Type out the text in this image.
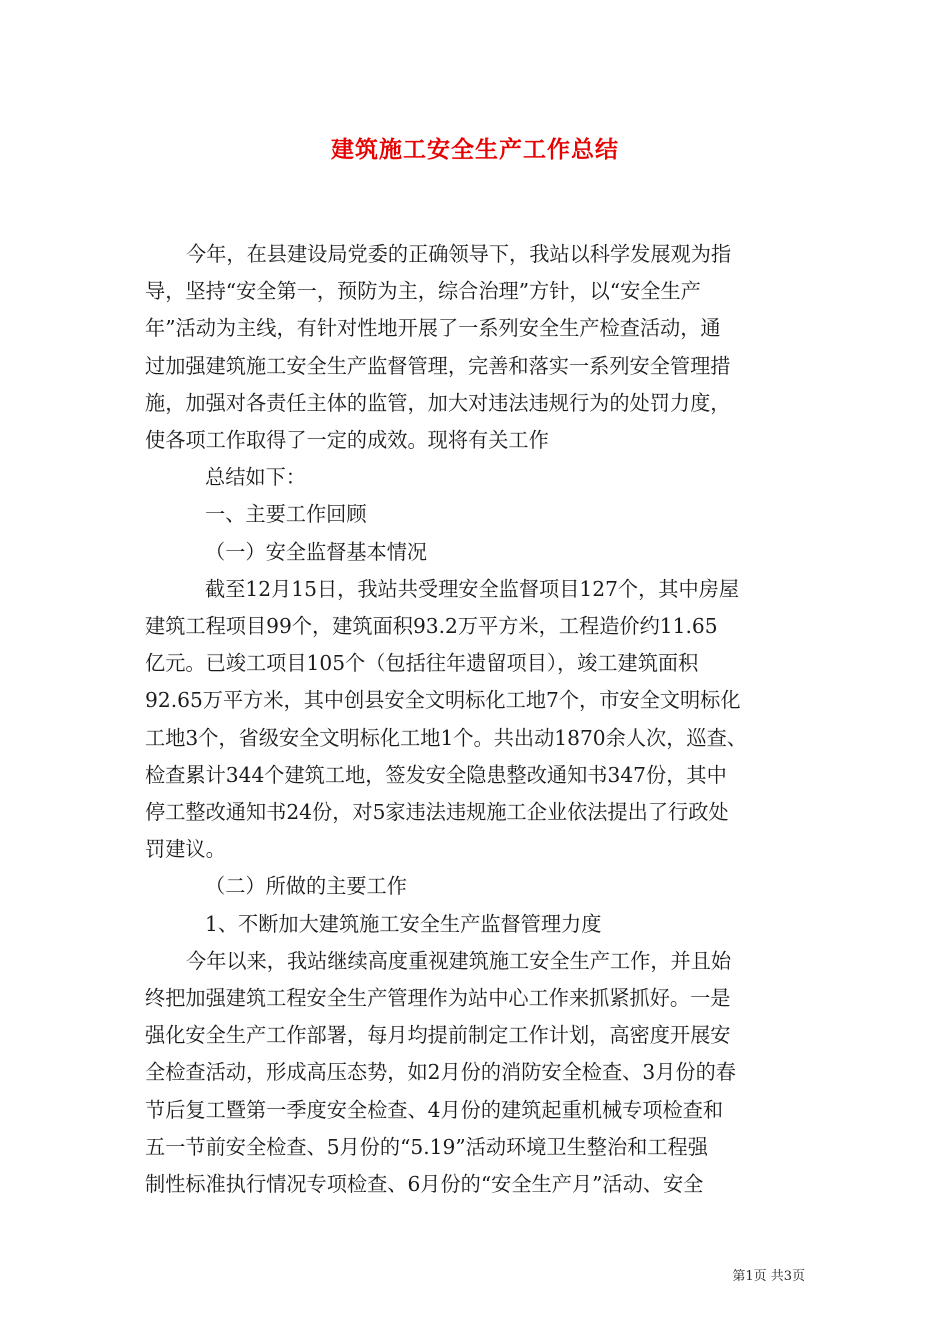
建筑施工安全生产工作总结

今年，在县建设局党委的正确领导下，我站以科学发展观为指

导，坚持“安全第一，预防为主，综合治理”方针，以“安全生产

年”活动为主线，有针对性地开展了一系列安全生产检查活动，通

过加强建筑施工安全生产监督管理，完善和落实一系列安全管理措

施，加强对各责任主体的监管，加大对违法违规行为的处罚力度，

使各项工作取得了一定的成效。现将有关工作

总结如下：

一、主要工作回顾

（一）安全监督基本情况

截至12月15日，我站共受理安全监督项目127个，其中房屋

建筑工程项目99个，建筑面积93.2万平方米，工程造价约11.65

亿元。已竣工项目105个（包括往年遗留项目），竣工建筑面积

92.65万平方米，其中创县安全文明标化工地7个，市安全文明标化

工地3个，省级安全文明标化工地1个。共出动1870余人次，巡查、

检查累计344个建筑工地，签发安全隐患整改通知书347份，其中

停工整改通知书24份，对5家违法违规施工企业依法提出了行政处

罚建议。

（二）所做的主要工作

1、不断加大建筑施工安全生产监督管理力度

今年以来，我站继续高度重视建筑施工安全生产工作，并且始

终把加强建筑工程安全生产管理作为站中心工作来抓紧抓好。一是

强化安全生产工作部署，每月均提前制定工作计划，高密度开展安

全检查活动，形成高压态势，如2月份的消防安全检查、3月份的春

节后复工暨第一季度安全检查、4月份的建筑起重机械专项检查和

五一节前安全检查、5月份的“5.19”活动环境卫生整治和工程强

制性标准执行情况专项检查、6月份的“安全生产月”活动、安全

第1页 共3页
